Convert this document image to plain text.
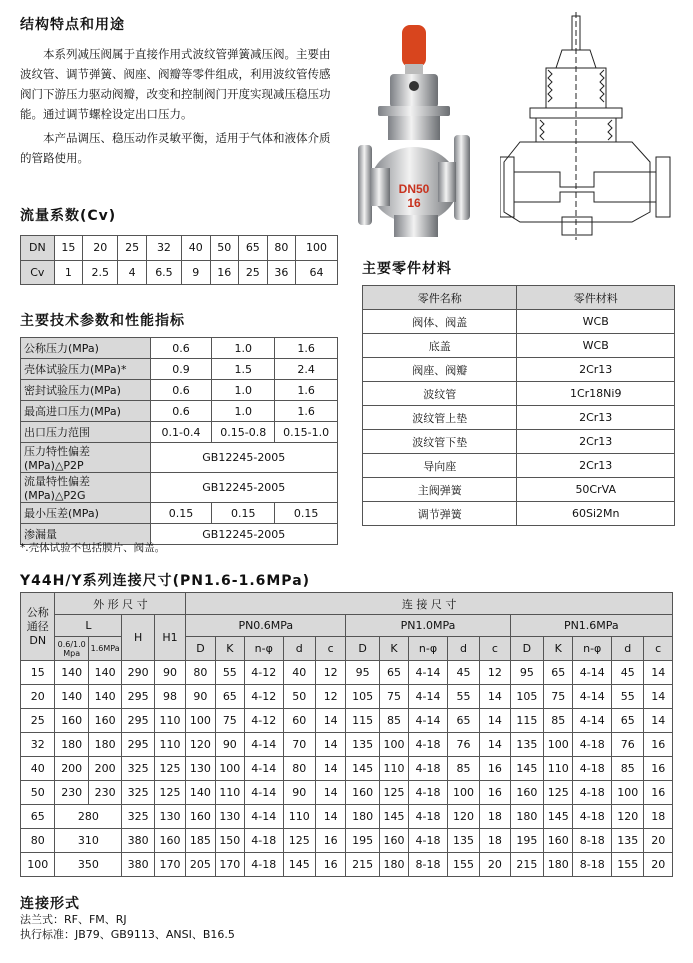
结构特点和用途
本系列减压阀属于直接作用式波纹管弹簧减压阀。主要由
波纹管、调节弹簧、阀座、阀瓣等零件组成，利用波纹管传感
阀门下游压力驱动阀瓣，改变和控制阀门开度实现减压稳压功
能。通过调节螺栓设定出口压力。
本产品调压、稳压动作灵敏平衡，适用于气体和液体介质
的管路使用。
DN50
16
流量系数(Cv)
DN	15	20	25	32	40	50	65	80	100
Cv	1	2.5	4	6.5	9	16	25	36	64
主要技术参数和性能指标
公称压力(MPa)	0.6	1.0	1.6
壳体试验压力(MPa)*	0.9	1.5	2.4
密封试验压力(MPa)	0.6	1.0	1.6
最高进口压力(MPa)	0.6	1.0	1.6
出口压力范围	0.1-0.4	0.15-0.8	0.15-1.0
压力特性偏差(MPa)△P2P	GB12245-2005		
流量特性偏差(MPa)△P2G	GB12245-2005		
最小压差(MPa)	0.15	0.15	0.15
渗漏量	GB12245-2005		
*.壳体试验不包括膜片、阀盖。
主要零件材料
零件名称	零件材料
阀体、阀盖	WCB
底盖	WCB
阀座、阀瓣	2Cr13
波纹管	1Cr18Ni9
波纹管上垫	2Cr13
波纹管下垫	2Cr13
导向座	2Cr13
主阀弹簧	50CrVA
调节弹簧	60Si2Mn
Y44H/Y系列连接尺寸(PN1.6-1.6MPa)
公称
通径
DN	外 形 尺 寸				连 接 尺 寸														
	L		H	H1	PN0.6MPa					PN1.0MPa					PN1.6MPa				
	0.6/1.0
Mpa	1.6MPa			D	K	n-φ	d	c	D	K	n-φ	d	c	D	K	n-φ	d	c
15	140	140	290	90	80	55	4-12	40	12	95	65	4-14	45	12	95	65	4-14	45	14
20	140	140	295	98	90	65	4-12	50	12	105	75	4-14	55	14	105	75	4-14	55	14
25	160	160	295	110	100	75	4-12	60	14	115	85	4-14	65	14	115	85	4-14	65	14
32	180	180	295	110	120	90	4-14	70	14	135	100	4-18	76	14	135	100	4-18	76	16
40	200	200	325	125	130	100	4-14	80	14	145	110	4-18	85	16	145	110	4-18	85	16
50	230	230	325	125	140	110	4-14	90	14	160	125	4-18	100	16	160	125	4-18	100	16
65	280		325	130	160	130	4-14	110	14	180	145	4-18	120	18	180	145	4-18	120	18
80	310		380	160	185	150	4-18	125	16	195	160	4-18	135	18	195	160	8-18	135	20
100	350		380	170	205	170	4-18	145	16	215	180	8-18	155	20	215	180	8-18	155	20
连接形式
法兰式：RF、FM、RJ
执行标准：JB79、GB9113、ANSI、B16.5
